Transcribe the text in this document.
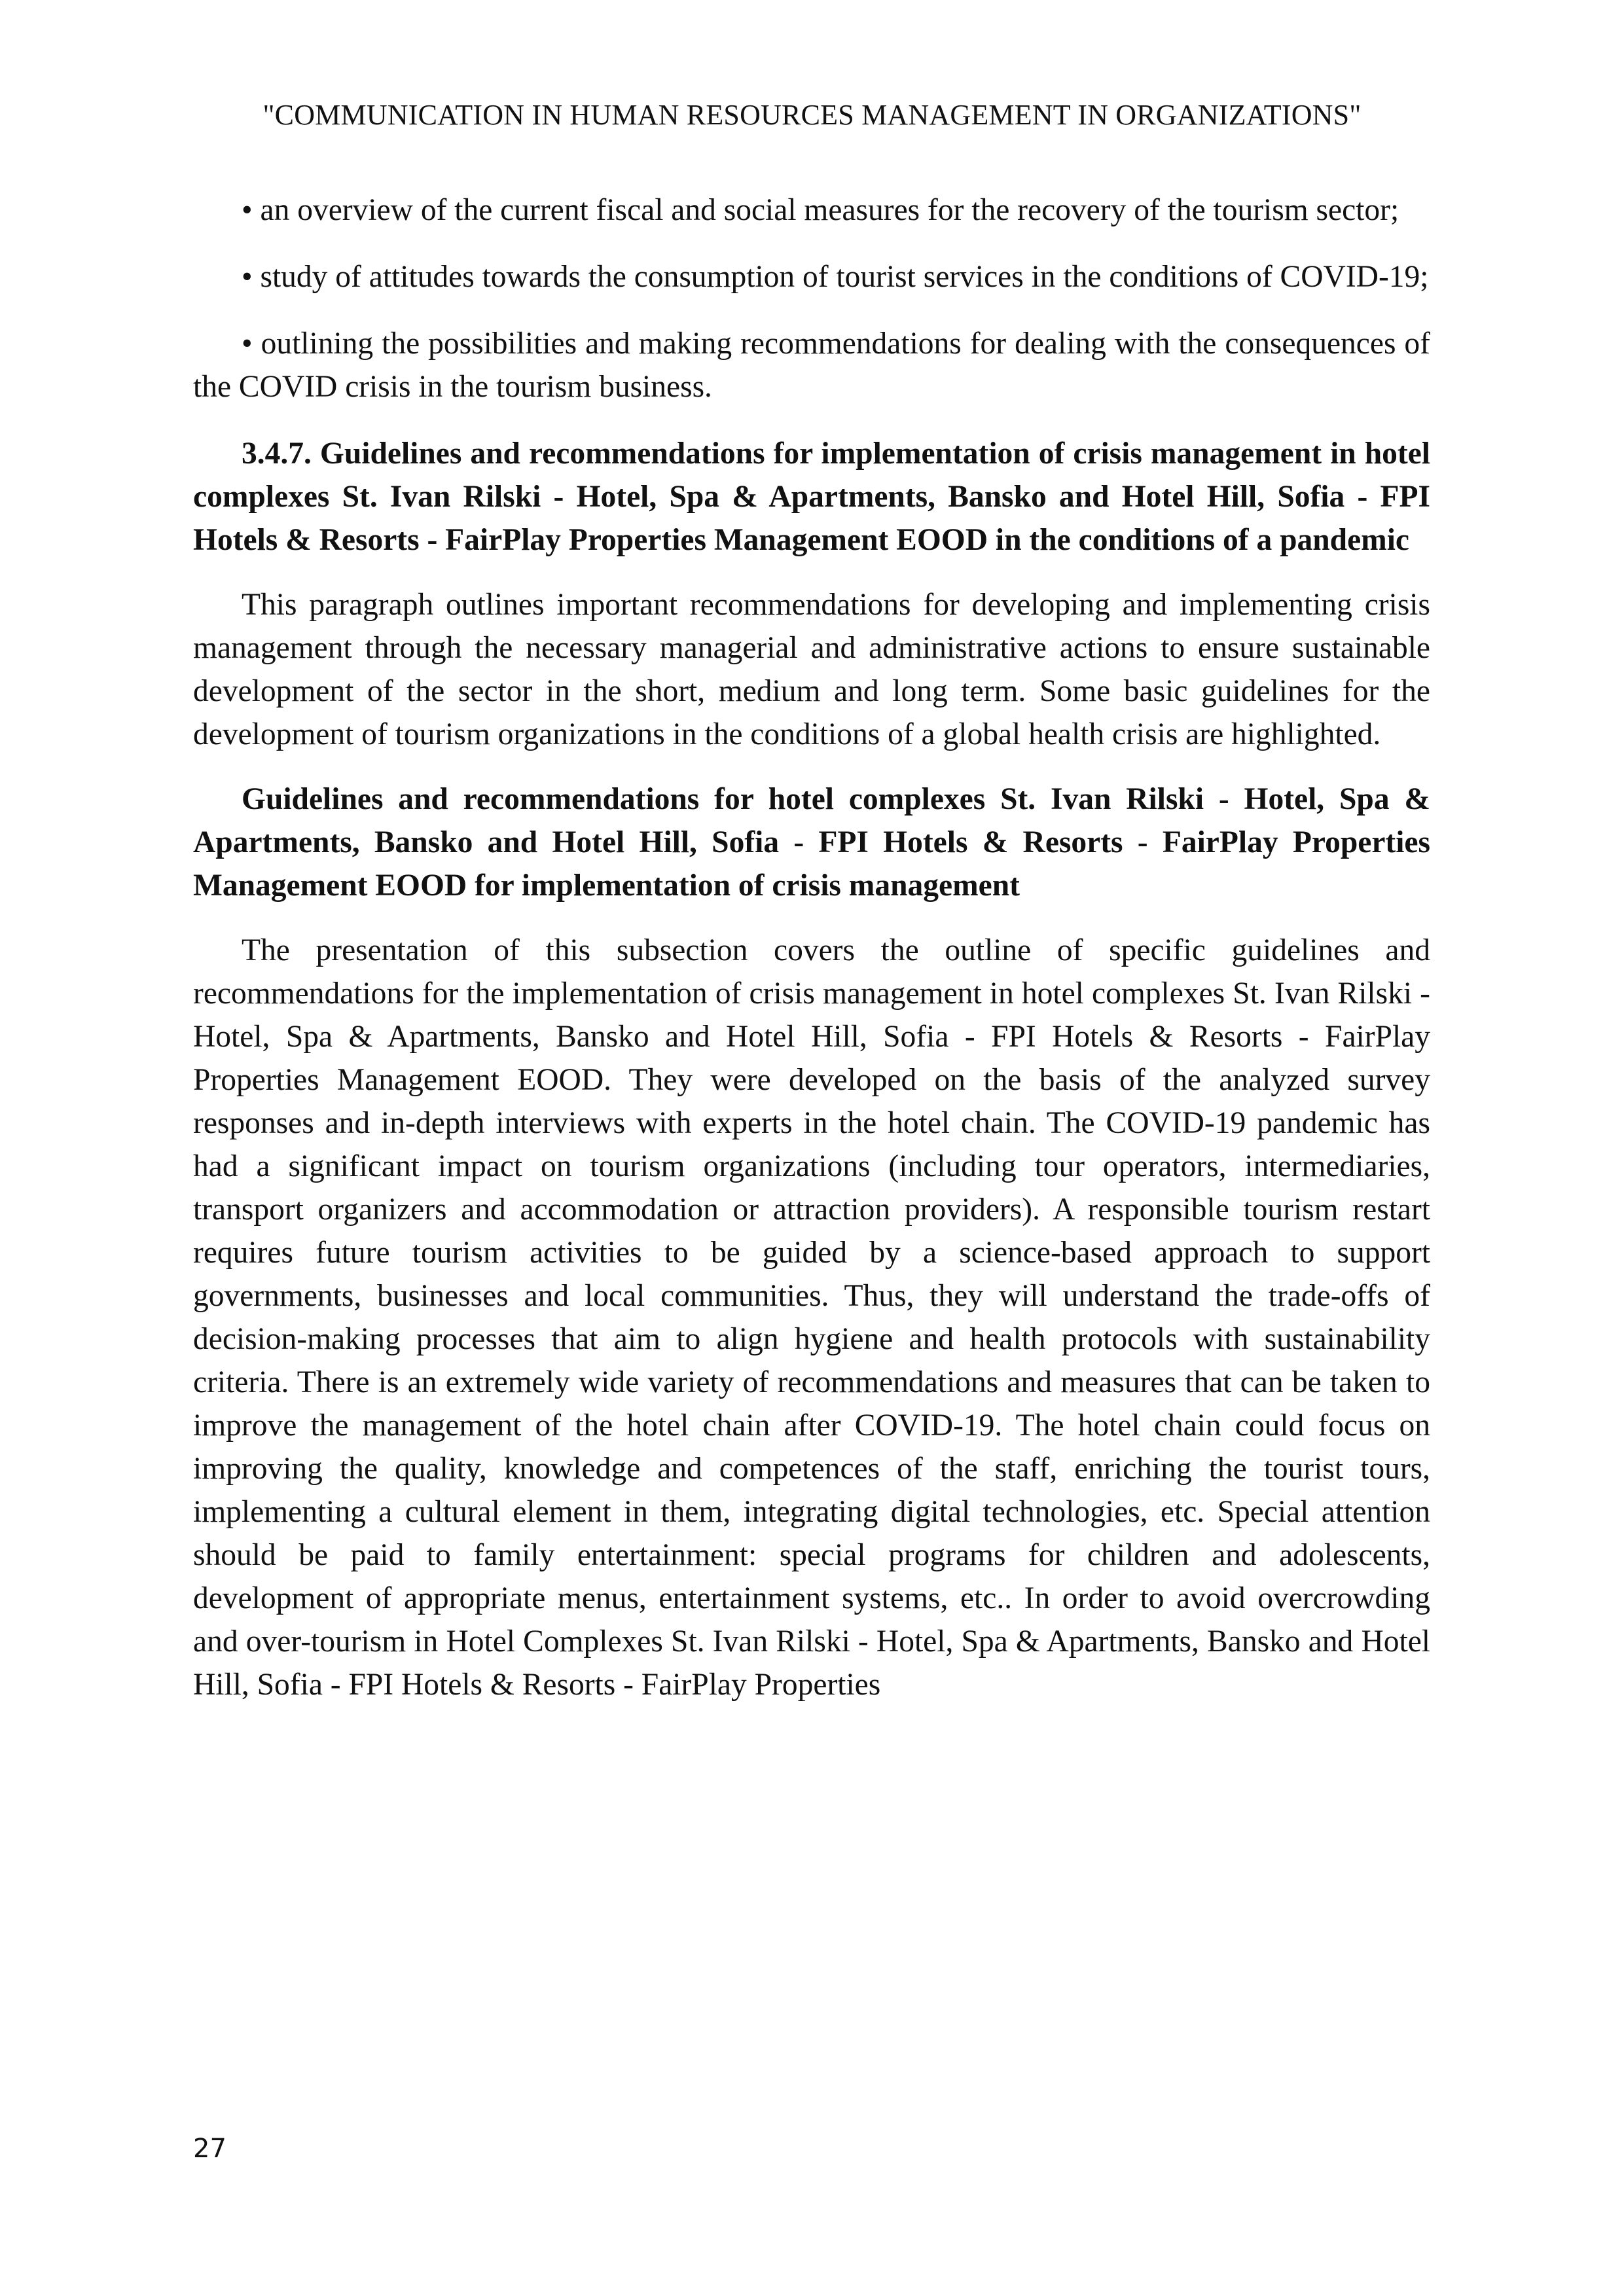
"COMMUNICATION IN HUMAN RESOURCES MANAGEMENT IN ORGANIZATIONS"

• an overview of the current fiscal and social measures for the recovery of the tourism sector;

• study of attitudes towards the consumption of tourist services in the conditions of COVID-19;

• outlining the possibilities and making recommendations for dealing with the consequences of the COVID crisis in the tourism business.

3.4.7. Guidelines and recommendations for implementation of crisis management in hotel complexes St. Ivan Rilski - Hotel, Spa & Apartments, Bansko and Hotel Hill, Sofia - FPI Hotels & Resorts - FairPlay Properties Management EOOD in the conditions of a pandemic

This paragraph outlines important recommendations for developing and implementing crisis management through the necessary managerial and administrative actions to ensure sustainable development of the sector in the short, medium and long term. Some basic guidelines for the development of tourism organizations in the conditions of a global health crisis are highlighted.

Guidelines and recommendations for hotel complexes St. Ivan Rilski - Hotel, Spa & Apartments, Bansko and Hotel Hill, Sofia - FPI Hotels & Resorts - FairPlay Properties Management EOOD for implementation of crisis management

The presentation of this subsection covers the outline of specific guidelines and recommendations for the implementation of crisis management in hotel complexes St. Ivan Rilski - Hotel, Spa & Apartments, Bansko and Hotel Hill, Sofia - FPI Hotels & Resorts - FairPlay Properties Management EOOD. They were developed on the basis of the analyzed survey responses and in-depth interviews with experts in the hotel chain. The COVID-19 pandemic has had a significant impact on tourism organizations (including tour operators, intermediaries, transport organizers and accommodation or attraction providers). A responsible tourism restart requires future tourism activities to be guided by a science-based approach to support governments, businesses and local communities. Thus, they will understand the trade-offs of decision-making processes that aim to align hygiene and health protocols with sustainability criteria. There is an extremely wide variety of recommendations and measures that can be taken to improve the management of the hotel chain after COVID-19. The hotel chain could focus on improving the quality, knowledge and competences of the staff, enriching the tourist tours, implementing a cultural element in them, integrating digital technologies, etc. Special attention should be paid to family entertainment: special programs for children and adolescents, development of appropriate menus, entertainment systems, etc.. In order to avoid overcrowding and over-tourism in Hotel Complexes St. Ivan Rilski - Hotel, Spa & Apartments, Bansko and Hotel Hill, Sofia - FPI Hotels & Resorts - FairPlay Properties

27
